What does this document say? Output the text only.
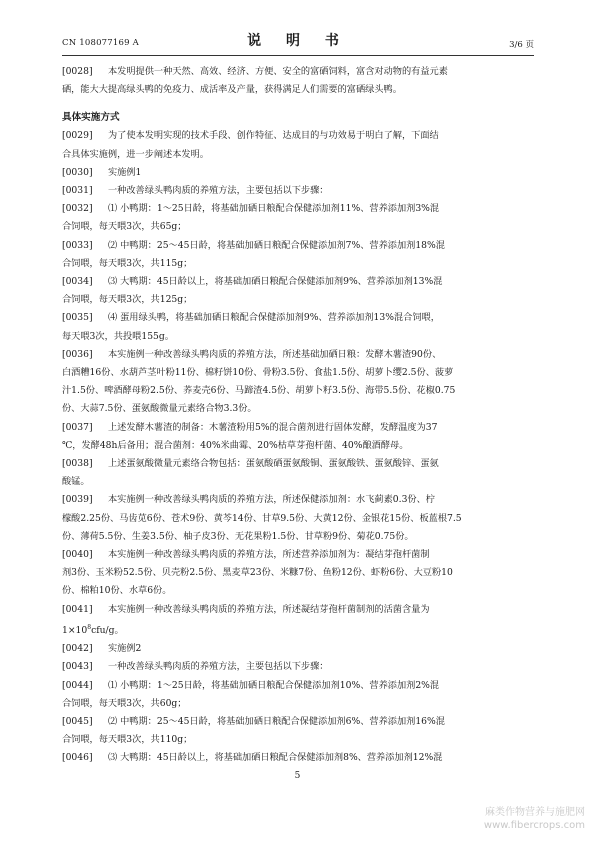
CN 108077169 A	说 明 书	3/6 页
[0028] 本发明提供一种天然、高效、经济、方便、安全的富硒饲料，富含对动物的有益元素
硒，能大大提高绿头鸭的免疫力、成活率及产量，获得满足人们需要的富硒绿头鸭。
具体实施方式
[0029] 为了使本发明实现的技术手段、创作特征、达成目的与功效易于明白了解，下面结
合具体实施例，进一步阐述本发明。
[0030] 实施例1
[0031] 一种改善绿头鸭肉质的养殖方法，主要包括以下步骤：
[0032] ⑴ 小鸭期：1～25日龄，将基础加硒日粮配合保健添加剂11%、营养添加剂3%混
合饲喂，每天喂3次，共65g；
[0033] ⑵ 中鸭期：25～45日龄，将基础加硒日粮配合保健添加剂7%、营养添加剂18%混
合饲喂，每天喂3次，共115g；
[0034] ⑶ 大鸭期：45日龄以上，将基础加硒日粮配合保健添加剂9%、营养添加剂13%混
合饲喂，每天喂3次，共125g；
[0035] ⑷ 蛋用绿头鸭，将基础加硒日粮配合保健添加剂9%、营养添加剂13%混合饲喂，
每天喂3次，共投喂155g。
[0036] 本实施例一种改善绿头鸭肉质的养殖方法，所述基础加硒日粮：发酵木薯渣90份、
白酒糟16份、水葫芦茎叶粉11份、棉籽饼10份、骨粉3.5份、食盐1.5份、胡萝卜缨2.5份、菠萝
汁1.5份、啤酒酵母粉2.5份、荞麦壳6份、马蹄渣4.5份、胡萝卜籽3.5份、海带5.5份、花椒0.75
份、大蒜7.5份、蛋氨酸微量元素络合物3.3份。
[0037] 上述发酵木薯渣的制备：木薯渣粉用5%的混合菌剂进行固体发酵，发酵温度为37
℃，发酵48h后备用；混合菌剂：40%米曲霉、20%枯草芽孢杆菌、40%酿酒酵母。
[0038] 上述蛋氨酸微量元素络合物包括：蛋氨酸硒蛋氨酸铜、蛋氨酸铁、蛋氨酸锌、蛋氨
酸锰。
[0039] 本实施例一种改善绿头鸭肉质的养殖方法，所述保健添加剂：水飞蓟素0.3份、柠
檬酸2.25份、马齿苋6份、苍术9份、黄芩14份、甘草9.5份、大黄12份、金银花15份、板蓝根7.5
份、薄荷5.5份、生姜3.5份、柚子皮3份、无花果粉1.5份、甘草粉9份、菊花0.75份。
[0040] 本实施例一种改善绿头鸭肉质的养殖方法，所述营养添加剂为：凝结芽孢杆菌制
剂3份、玉米粉52.5份、贝壳粉2.5份、黑麦草23份、米糠7份、鱼粉12份、虾粉6份、大豆粉10
份、棉粕10份、水草6份。
[0041] 本实施例一种改善绿头鸭肉质的养殖方法，所述凝结芽孢杆菌制剂的活菌含量为
$1\times 10^8cfu/g$。
[0042] 实施例2
[0043] 一种改善绿头鸭肉质的养殖方法，主要包括以下步骤：
[0044] ⑴ 小鸭期：1～25日龄，将基础加硒日粮配合保健添加剂10%、营养添加剂2%混
合饲喂，每天喂3次，共60g；
[0045] ⑵ 中鸭期：25～45日龄，将基础加硒日粮配合保健添加剂6%、营养添加剂16%混
合饲喂，每天喂3次，共110g；
[0046] ⑶ 大鸭期：45日龄以上，将基础加硒日粮配合保健添加剂8%、营养添加剂12%混
5
麻类作物营养与施肥网
www.fibercrops.com
